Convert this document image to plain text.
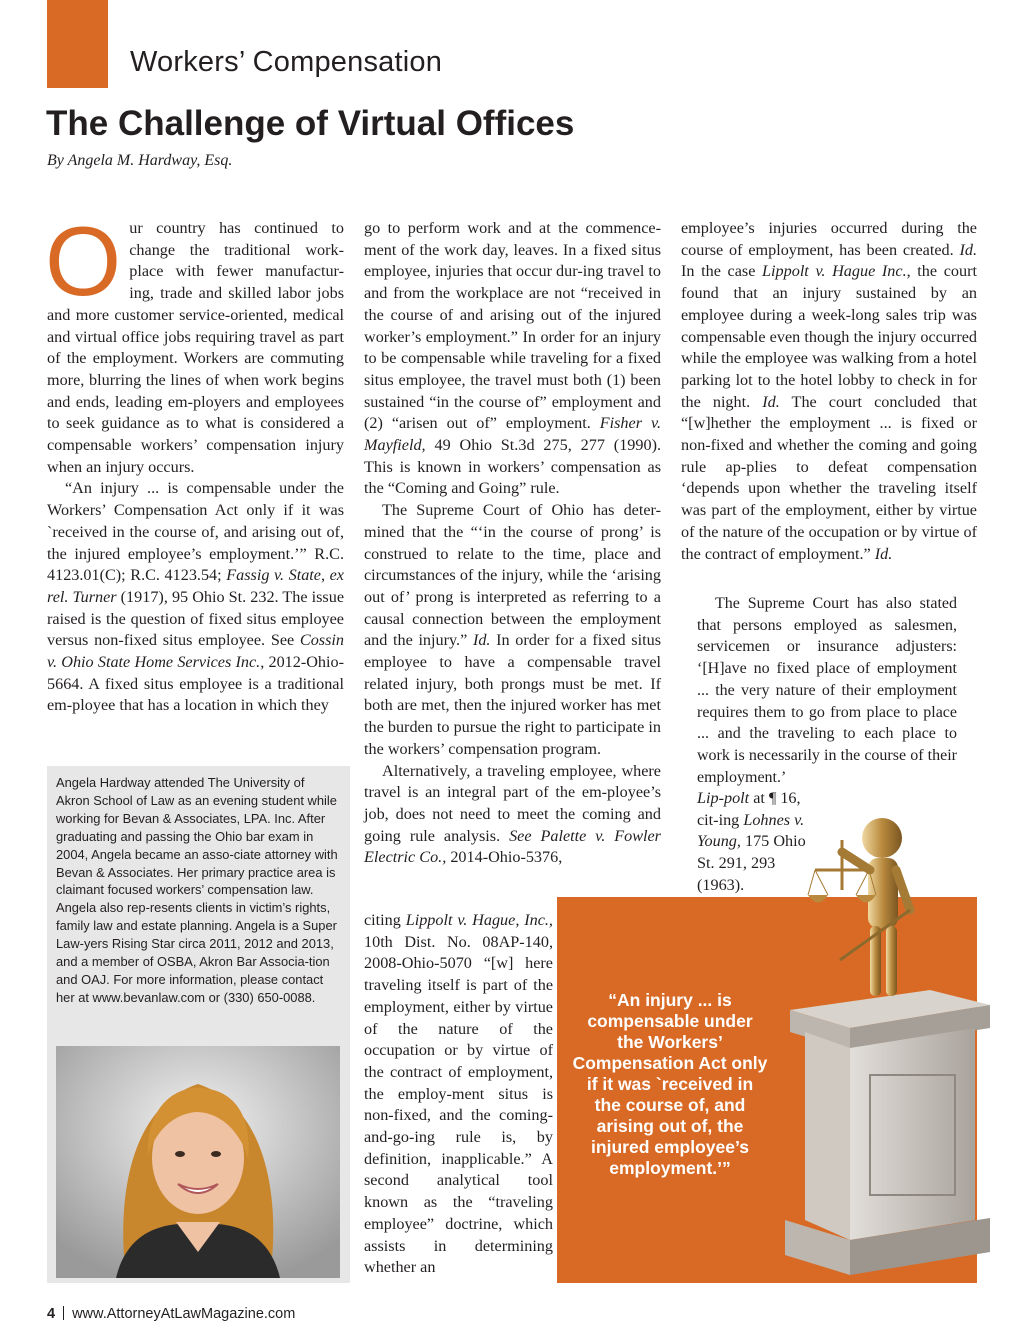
Workers’ Compensation
The Challenge of Virtual Offices
By Angela M. Hardway, Esq.

Our country has continued to change the traditional work-place with fewer manufactur-ing, trade and skilled labor jobs and more customer service-oriented, medical and virtual office jobs requiring travel as part of the employment. Workers are commuting more, blurring the lines of when work begins and ends, leading em-ployers and employees to seek guidance as to what is considered a compensable workers’ compensation injury when an injury occurs.

“An injury ... is compensable under the Workers’ Compensation Act only if it was `received in the course of, and arising out of, the injured employee’s employment.’” R.C. 4123.01(C); R.C. 4123.54; Fassig v. State, ex rel. Turner (1917), 95 Ohio St. 232. The issue raised is the question of fixed situs employee versus non-fixed situs employee. See Cossin v. Ohio State Home Services Inc., 2012-Ohio-5664. A fixed situs employee is a traditional em-ployee that has a location in which they

go to perform work and at the commence-ment of the work day, leaves. In a fixed situs employee, injuries that occur dur-ing travel to and from the workplace are not “received in the course of and arising out of the injured worker’s employment.” In order for an injury to be compensable while traveling for a fixed situs employee, the travel must both (1) been sustained “in the course of” employment and (2) “arisen out of” employment. Fisher v. Mayfield, 49 Ohio St.3d 275, 277 (1990). This is known in workers’ compensation as the “Coming and Going” rule.

The Supreme Court of Ohio has deter-mined that the “‘in the course of prong’ is construed to relate to the time, place and circumstances of the injury, while the ‘arising out of’ prong is interpreted as referring to a causal connection between the employment and the injury.” Id. In order for a fixed situs employee to have a compensable travel related injury, both prongs must be met. If both are met, then the injured worker has met the burden to pursue the right to participate in the workers’ compensation program.

Alternatively, a traveling employee, where travel is an integral part of the em-ployee’s job, does not need to meet the coming and going rule analysis. See Palette v. Fowler Electric Co., 2014-Ohio-5376,

citing Lippolt v. Hague, Inc., 10th Dist. No. 08AP-140, 2008-Ohio-5070 “[w] here traveling itself is part of the employment, either by virtue of the nature of the occupation or by virtue of the contract of employment, the employ-ment situs is non-fixed, and the coming-and-go-ing rule is, by definition, inapplicable.” A second analytical tool known as the “traveling employee” doctrine, which assists in determining whether an

employee’s injuries occurred during the course of employment, has been created. Id. In the case Lippolt v. Hague Inc., the court found that an injury sustained by an employee during a week-long sales trip was compensable even though the injury occurred while the employee was walking from a hotel parking lot to the hotel lobby to check in for the night. Id. The court concluded that “[w]hether the employment ... is fixed or non-fixed and whether the coming and going rule ap-plies to defeat compensation ‘depends upon whether the traveling itself was part of the employment, either by virtue of the nature of the occupation or by virtue of the contract of employment.” Id.

The Supreme Court has also stated that persons employed as salesmen, servicemen or insurance adjusters: ‘[H]ave no fixed place of employment ... the very nature of their employment requires them to go from place to place ... and the traveling to each place to work is necessarily in the course of their employment.’

Lip-polt at ¶ 16, cit-ing Lohnes v. Young, 175 Ohio St. 291, 293 (1963).

Angela Hardway attended The University of Akron School of Law as an evening student while working for Bevan & Associates, LPA. Inc. After graduating and passing the Ohio bar exam in 2004, Angela became an asso-ciate attorney with Bevan & Associates. Her primary practice area is claimant focused workers’ compensation law. Angela also rep-resents clients in victim’s rights, family law and estate planning. Angela is a Super Law-yers Rising Star circa 2011, 2012 and 2013, and a member of OSBA, Akron Bar Associa-tion and OAJ. For more information, please contact her at www.bevanlaw.com or (330) 650-0088.	“An injury ... is compensable under the Workers’ Compensation Act only if it was `received in the course of, and arising out of, the injured employee’s employment.’”
4 www.AttorneyAtLawMagazine.com
